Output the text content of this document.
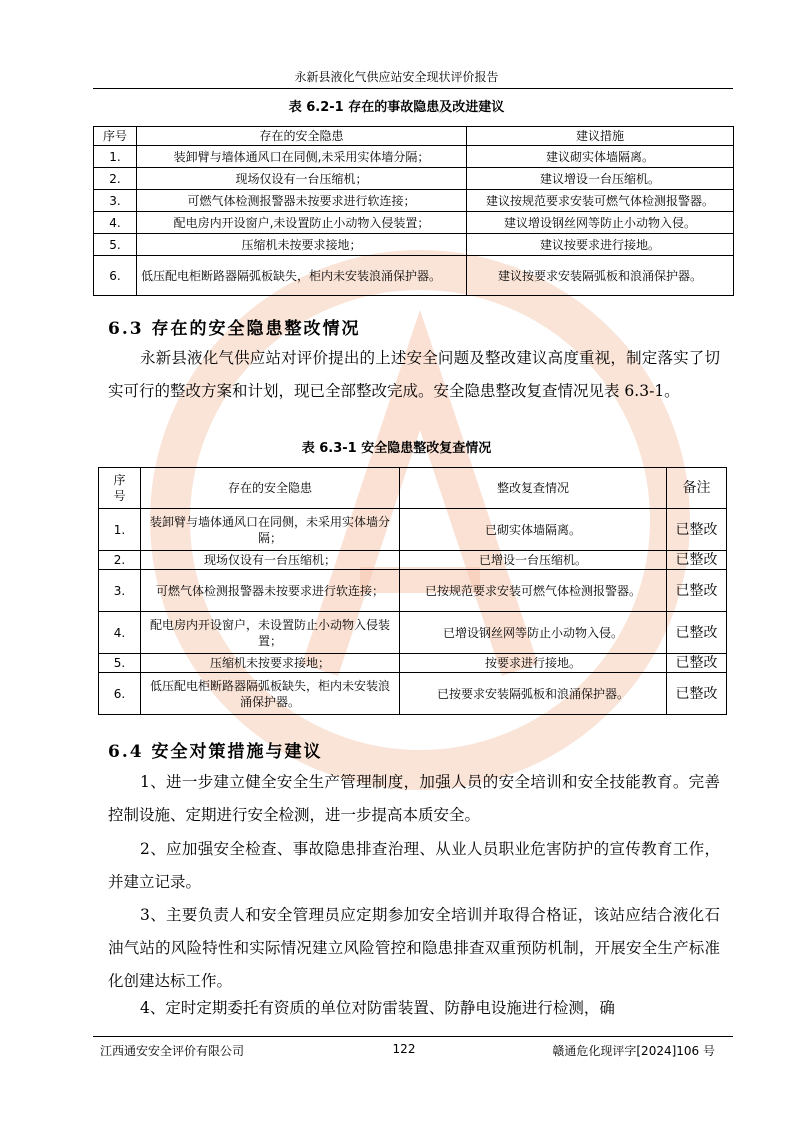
永新县液化气供应站安全现状评价报告
表 6.2-1 存在的事故隐患及改进建议
序号	存在的安全隐患	建议措施
1.	装卸臂与墙体通风口在同侧,未采用实体墙分隔；	建议砌实体墙隔离。
2.	现场仅设有一台压缩机；	建议增设一台压缩机。
3.	可燃气体检测报警器未按要求进行软连接；	建议按规范要求安装可燃气体检测报警器。
4.	配电房内开设窗户,未设置防止小动物入侵装置；	建议增设钢丝网等防止小动物入侵。
5.	压缩机未按要求接地；	建议按要求进行接地。
6.	低压配电柜断路器隔弧板缺失，柜内未安装浪涌保护器。	建议按要求安装隔弧板和浪涌保护器。
6.3 存在的安全隐患整改情况
永新县液化气供应站对评价提出的上述安全问题及整改建议高度重视，制定落实了切实可行的整改方案和计划，现已全部整改完成。安全隐患整改复查情况见表 6.3-1。
表 6.3-1 安全隐患整改复查情况
序号	存在的安全隐患	整改复查情况	备注
1.	装卸臂与墙体通风口在同侧，未采用实体墙分隔；	已砌实体墙隔离。	已整改
2.	现场仅设有一台压缩机；	已增设一台压缩机。	已整改
3.	可燃气体检测报警器未按要求进行软连接；	已按规范要求安装可燃气体检测报警器。	已整改
4.	配电房内开设窗户，未设置防止小动物入侵装置；	已增设钢丝网等防止小动物入侵。	已整改
5.	压缩机未按要求接地；	按要求进行接地。	已整改
6.	低压配电柜断路器隔弧板缺失，柜内未安装浪涌保护器。	已按要求安装隔弧板和浪涌保护器。	已整改
6.4 安全对策措施与建议
1、进一步建立健全安全生产管理制度，加强人员的安全培训和安全技能教育。完善控制设施、定期进行安全检测，进一步提高本质安全。
2、应加强安全检查、事故隐患排查治理、从业人员职业危害防护的宣传教育工作，并建立记录。
3、主要负责人和安全管理员应定期参加安全培训并取得合格证，该站应结合液化石油气站的风险特性和实际情况建立风险管控和隐患排查双重预防机制，开展安全生产标准化创建达标工作。
4、定时定期委托有资质的单位对防雷装置、防静电设施进行检测，确
江西通安安全评价有限公司	122	赣通危化现评字[2024]106 号
